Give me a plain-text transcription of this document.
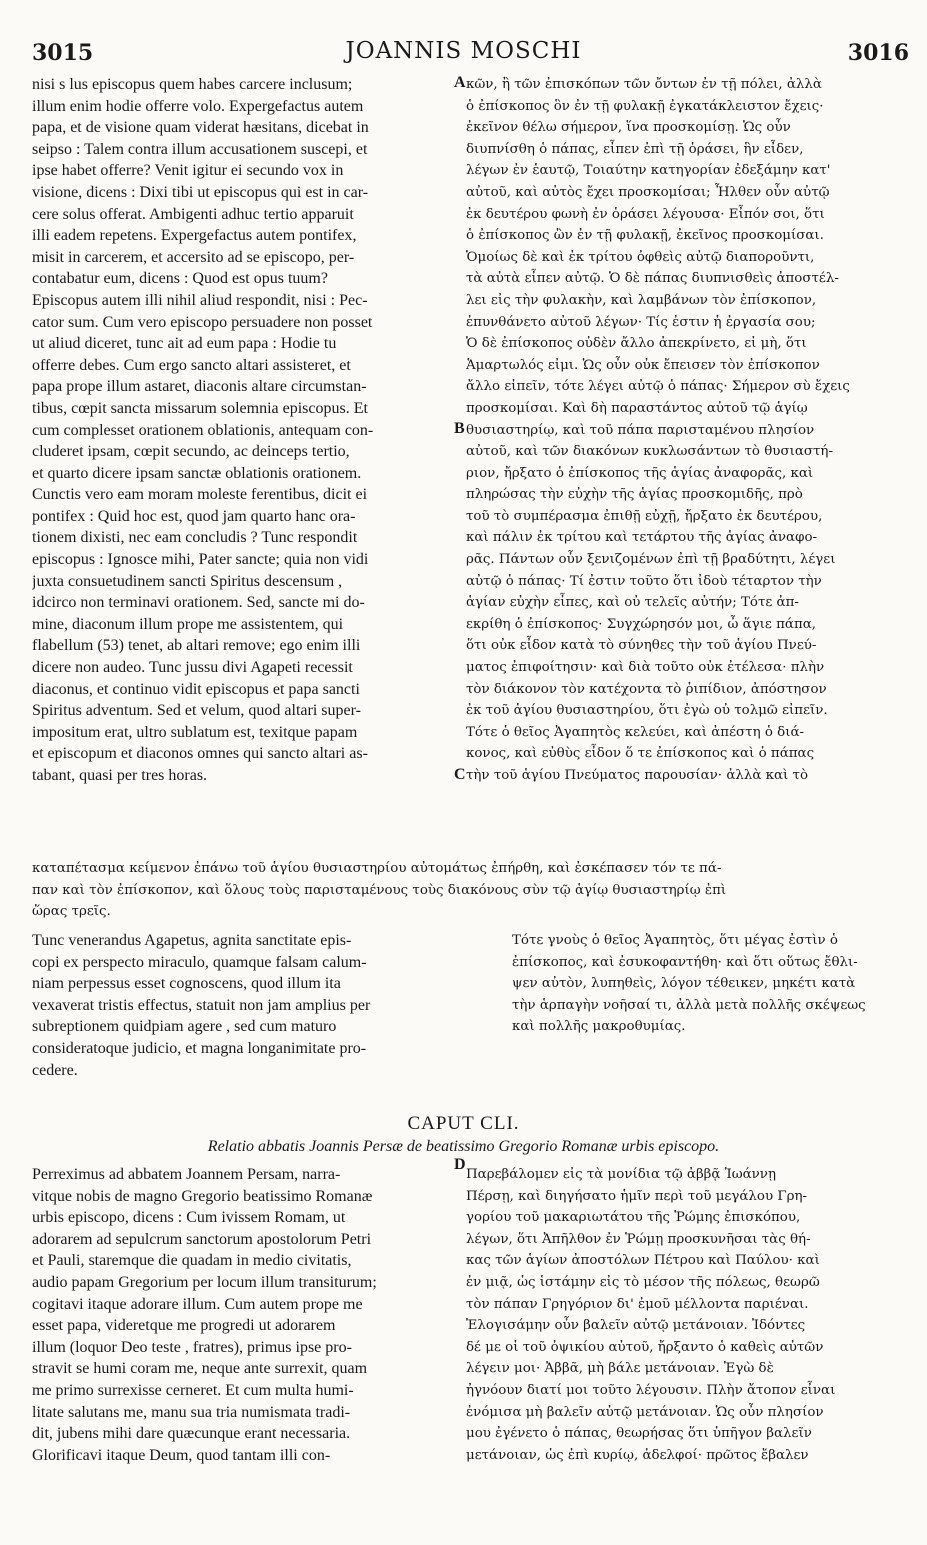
3015	JOANNIS MOSCHI	3016
nisi s lus episcopus quem habes carcere inclusum;
illum enim hodie offerre volo. Expergefactus autem
papa, et de visione quam viderat hæsitans, dicebat in
seipso : Talem contra illum accusationem suscepi, et
ipse habet offerre? Venit igitur ei secundo vox in
visione, dicens : Dixi tibi ut episcopus qui est in car-
cere solus offerat. Ambigenti adhuc tertio apparuit
illi eadem repetens. Expergefactus autem pontifex,
misit in carcerem, et accersito ad se episcopo, per-
contabatur eum, dicens : Quod est opus tuum?
Episcopus autem illi nihil aliud respondit, nisi : Pec-
cator sum. Cum vero episcopo persuadere non posset
ut aliud diceret, tunc ait ad eum papa : Hodie tu
offerre debes. Cum ergo sancto altari assisteret, et
papa prope illum astaret, diaconis altare circumstan-
tibus, cœpit sancta missarum solemnia episcopus. Et
cum complesset orationem oblationis, antequam con-
cluderet ipsam, cœpit secundo, ac deinceps tertio,
et quarto dicere ipsam sanctæ oblationis orationem.
Cunctis vero eam moram moleste ferentibus, dicit ei
pontifex : Quid hoc est, quod jam quarto hanc ora-
tionem dixisti, nec eam concludis ? Tunc respondit
episcopus : Ignosce mihi, Pater sancte; quia non vidi
juxta consuetudinem sancti Spiritus descensum ,
idcirco non terminavi orationem. Sed, sancte mi do-
mine, diaconum illum prope me assistentem, qui
flabellum (53) tenet, ab altari remove; ego enim illi
dicere non audeo. Tunc jussu divi Agapeti recessit
diaconus, et continuo vidit episcopus et papa sancti
Spiritus adventum. Sed et velum, quod altari super-
impositum erat, ultro sublatum est, texitque papam
et episcopum et diaconos omnes qui sancto altari as-
tabant, quasi per tres horas.
κῶν, ἢ τῶν ἐπισκόπων τῶν ὄντων ἐν τῇ πόλει, ἀλλὰ
ὁ ἐπίσκοπος ὃν ἐν τῇ φυλακῇ ἐγκατάκλειστον ἔχεις·
ἐκεῖνον θέλω σήμερον, ἵνα προσκομίσῃ. Ὡς οὖν
διυπνίσθη ὁ πάπας, εἶπεν ἐπὶ τῇ ὁράσει, ἣν εἶδεν,
λέγων ἐν ἑαυτῷ, Τοιαύτην κατηγορίαν ἐδεξάμην κατ'
αὐτοῦ, καὶ αὐτὸς ἔχει προσκομίσαι; Ἦλθεν οὖν αὐτῷ
ἐκ δευτέρου φωνὴ ἐν ὁράσει λέγουσα· Εἶπόν σοι, ὅτι
ὁ ἐπίσκοπος ὢν ἐν τῇ φυλακῇ, ἐκεῖνος προσκομίσαι.
Ὁμοίως δὲ καὶ ἐκ τρίτου ὀφθεὶς αὐτῷ διαπορoῦντι,
τὰ αὐτὰ εἶπεν αὐτῷ. Ὁ δὲ πάπας διυπνισθεὶς ἀποστέλ-
λει εἰς τὴν φυλακὴν, καὶ λαμβάνων τὸν ἐπίσκοπον,
ἐπυνθάνετο αὐτοῦ λέγων· Τίς ἐστιν ἡ ἐργασία σου;
Ὁ δὲ ἐπίσκοπος οὐδὲν ἄλλο ἀπεκρίνετο, εἰ μὴ, ὅτι
Ἁμαρτωλός εἰμι. Ὡς οὖν οὐκ ἔπεισεν τὸν ἐπίσκοπον
ἄλλο εἰπεῖν, τότε λέγει αὐτῷ ὁ πάπας· Σήμερον σὺ ἔχεις
προσκομίσαι. Καὶ δὴ παραστάντος αὐτοῦ τῷ ἁγίῳ
θυσιαστηρίῳ, καὶ τοῦ πάπα παρισταμένου πλησίον
αὐτοῦ, καὶ τῶν διακόνων κυκλωσάντων τὸ θυσιαστή-
ριον, ἤρξατο ὁ ἐπίσκοπος τῆς ἁγίας ἀναφορᾶς, καὶ
πληρώσας τὴν εὐχὴν τῆς ἁγίας προσκομιδῆς, πρὸ
τοῦ τὸ συμπέρασμα ἐπιθῇ εὐχῇ, ἤρξατο ἐκ δευτέρου,
καὶ πάλιν ἐκ τρίτου καὶ τετάρτου τῆς ἁγίας ἀναφο-
ρᾶς. Πάντων οὖν ξενιζομένων ἐπὶ τῇ βραδύτητι, λέγει
αὐτῷ ὁ πάπας· Τί ἐστιν τοῦτο ὅτι ἰδοὺ τέταρτον τὴν
ἁγίαν εὐχὴν εἶπες, καὶ οὐ τελεῖς αὐτήν; Τότε ἀπ-
εκρίθη ὁ ἐπίσκοπος· Συγχώρησόν μοι, ὦ ἅγιε πάπα,
ὅτι οὐκ εἶδον κατὰ τὸ σύνηθες τὴν τοῦ ἁγίου Πνεύ-
ματος ἐπιφοίτησιν· καὶ διὰ τοῦτο οὐκ ἐτέλεσα· πλὴν
τὸν διάκονον τὸν κατέχοντα τὸ ῥιπίδιον, ἀπόστησον
ἐκ τοῦ ἁγίου θυσιαστηρίου, ὅτι ἐγὼ οὐ τολμῶ εἰπεῖν.
Τότε ὁ θεῖος Ἀγαπητὸς κελεύει, καὶ ἀπέστη ὁ διά-
κονος, καὶ εὐθὺς εἶδον ὅ τε ἐπίσκοπος καὶ ὁ πάπας
τὴν τοῦ ἁγίου Πνεύματος παρουσίαν· ἀλλὰ καὶ τὸ
A
B
C
D
καταπέτασμα κείμενον ἐπάνω τοῦ ἁγίου θυσιαστηρίου αὐτομάτως ἐπήρθη, καὶ ἐσκέπασεν τόν τε πά-
παν καὶ τὸν ἐπίσκοπον, καὶ ὅλους τοὺς παρισταμένους τοὺς διακόνους σὺν τῷ ἁγίῳ θυσιαστηρίῳ ἐπὶ
ὥρας τρεῖς.
Tunc venerandus Agapetus, agnita sanctitate epis-
copi ex perspecto miraculo, quamque falsam calum-
niam perpessus esset cognoscens, quod illum ita
vexaverat tristis effectus, statuit non jam amplius per
subreptionem quidpiam agere , sed cum maturo
consideratoque judicio, et magna longanimitate pro-
cedere.
Τότε γνοὺς ὁ θεῖος Ἀγαπητὸς, ὅτι μέγας ἐστὶν ὁ
ἐπίσκοπος, καὶ ἐσυκοφαντήθη· καὶ ὅτι οὕτως ἔθλι-
ψεν αὐτὸν, λυπηθεὶς, λόγον τέθεικεν, μηκέτι κατὰ
τὴν ἁρπαγὴν νοῆσαί τι, ἀλλὰ μετὰ πολλῆς σκέψεως
καὶ πολλῆς μακροθυμίας.
CAPUT CLI.
Relatio abbatis Joannis Persæ de beatissimo Gregorio Romanæ urbis episcopo.
Perreximus ad abbatem Joannem Persam, narra-
vitque nobis de magno Gregorio beatissimo Romanæ
urbis episcopo, dicens : Cum ivissem Romam, ut
adorarem ad sepulcrum sanctorum apostolorum Petri
et Pauli, staremque die quadam in medio civitatis,
audio papam Gregorium per locum illum transiturum;
cogitavi itaque adorare illum. Cum autem prope me
esset papa, videretque me progredi ut adorarem
illum (loquor Deo teste , fratres), primus ipse pro-
stravit se humi coram me, neque ante surrexit, quam
me primo surrexisse cerneret. Et cum multa humi-
litate salutans me, manu sua tria numismata tradi-
dit, jubens mihi dare quæcunque erant necessaria.
Glorificavi itaque Deum, quod tantam illi con-
Παρεβάλομεν εἰς τὰ μονίδια τῷ ἀββᾷ Ἰωάννῃ
Πέρσῃ, καὶ διηγήσατο ἡμῖν περὶ τοῦ μεγάλου Γρη-
γορίου τοῦ μακαριωτάτου τῆς Ῥώμης ἐπισκόπου,
λέγων, ὅτι Ἀπῆλθον ἐν Ῥώμῃ προσκυνῆσαι τὰς θή-
κας τῶν ἁγίων ἀποστόλων Πέτρου καὶ Παύλου· καὶ
ἐν μιᾷ, ὡς ἱστάμην εἰς τὸ μέσον τῆς πόλεως, θεωρῶ
τὸν πάπαν Γρηγόριον δι' ἐμοῦ μέλλοντα παριέναι.
Ἐλογισάμην οὖν βαλεῖν αὐτῷ μετάνοιαν. Ἰδόντες
δέ με οἱ τοῦ ὀψικίου αὐτοῦ, ἤρξαντο ὁ καθεὶς αὐτῶν
λέγειν μοι· Ἀββᾶ, μὴ βάλε μετάνοιαν. Ἐγὼ δὲ
ἠγνόουν διατί μοι τοῦτο λέγουσιν. Πλὴν ἄτοπον εἶναι
ἐνόμισα μὴ βαλεῖν αὐτῷ μετάνοιαν. Ὡς οὖν πλησίον
μου ἐγένετο ὁ πάπας, θεωρήσας ὅτι ὑπῆγον βαλεῖν
μετάνοιαν, ὡς ἐπὶ κυρίῳ, ἀδελφοί· πρῶτος ἔβαλεν
